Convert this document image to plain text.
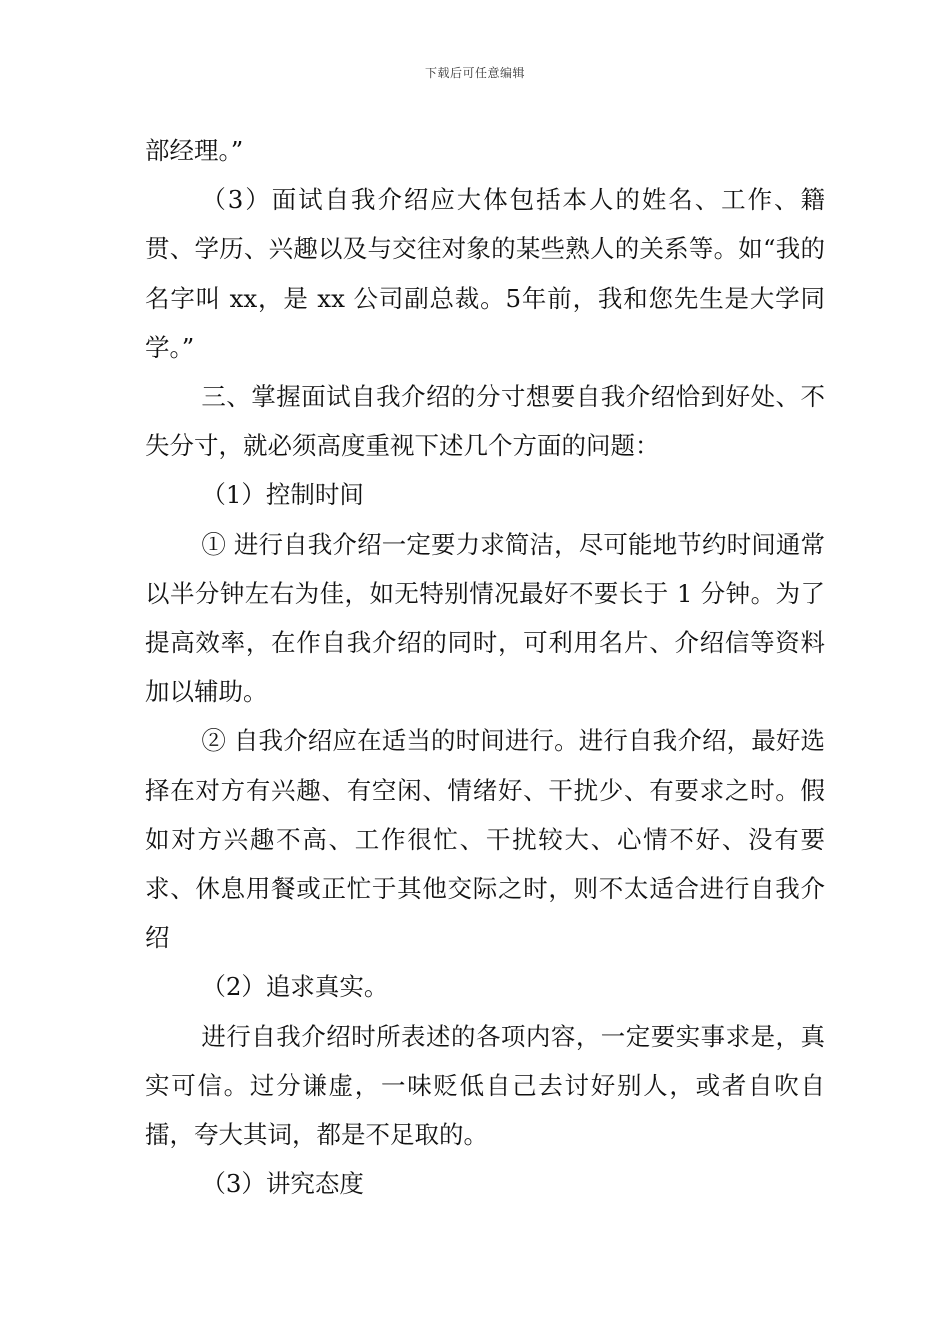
下载后可任意编辑

部经理。”

（3）面试自我介绍应大体包括本人的姓名、工作、籍贯、学历、兴趣以及与交往对象的某些熟人的关系等。如“我的名字叫 xx，是 xx 公司副总裁。5年前，我和您先生是大学同学。”

三、掌握面试自我介绍的分寸想要自我介绍恰到好处、不失分寸，就必须高度重视下述几个方面的问题：

（1）控制时间

① 进行自我介绍一定要力求简洁，尽可能地节约时间通常以半分钟左右为佳，如无特别情况最好不要长于 1 分钟。为了提高效率，在作自我介绍的同时，可利用名片、介绍信等资料加以辅助。

② 自我介绍应在适当的时间进行。进行自我介绍，最好选择在对方有兴趣、有空闲、情绪好、干扰少、有要求之时。假如对方兴趣不高、工作很忙、干扰较大、心情不好、没有要求、休息用餐或正忙于其他交际之时，则不太适合进行自我介绍

（2）追求真实。

进行自我介绍时所表述的各项内容，一定要实事求是，真实可信。过分谦虚，一味贬低自己去讨好别人，或者自吹自擂，夸大其词，都是不足取的。

（3）讲究态度
